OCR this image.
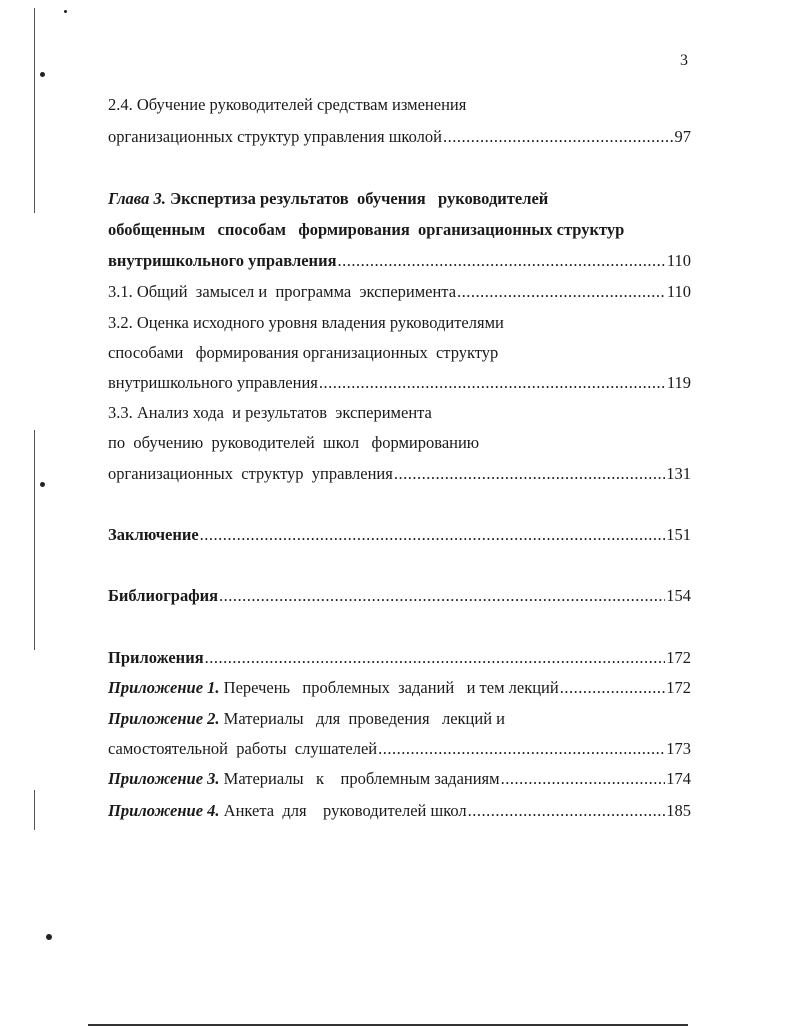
3
2.4. Обучение руководителей средствам изменения
организационных структур управления школой .....	97
Глава 3. Экспертиза результатов  обучения   руководителей
обобщенным   способам   формирования  организационных структур
внутришкольного управления .....	110
3.1. Общий  замысел и  программа  эксперимента .....	110
3.2. Оценка исходного уровня владения руководителями
способами   формирования организационных  структур
внутришкольного управления .....	119
3.3. Анализ хода  и результатов  эксперимента
по  обучению  руководителей  школ   формированию
организационных  структур  управления .....	131
Заключение .....	151
Библиография .....	154
Приложения .....	172
Приложение 1. Перечень   проблемных  заданий   и тем лекций .....	172
Приложение 2. Материалы   для  проведения   лекций и
самостоятельной  работы  слушателей .....	173
Приложение 3. Материалы   к    проблемным заданиям .....	174
Приложение 4. Анкета  для    руководителей школ .....	185
